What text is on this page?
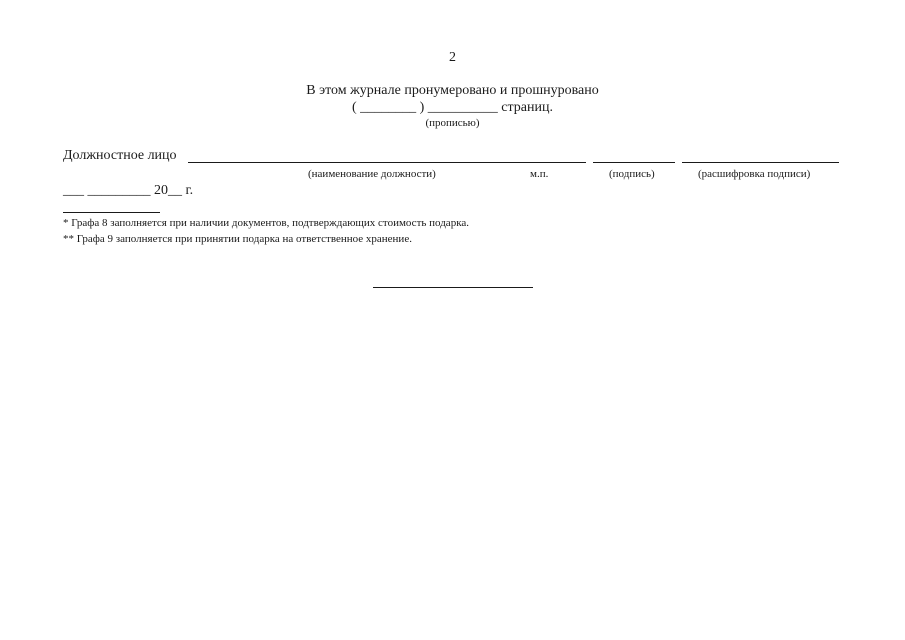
2
В этом журнале пронумеровано и прошнуровано
( ________ ) __________ страниц.
(прописью)
Должностное лицо
(наименование должности)	м.п.	(подпись)	(расшифровка подписи)
___ _________ 20__ г.
* Графа 8 заполняется при наличии документов, подтверждающих стоимость подарка.
** Графа 9 заполняется при принятии подарка на ответственное хранение.
